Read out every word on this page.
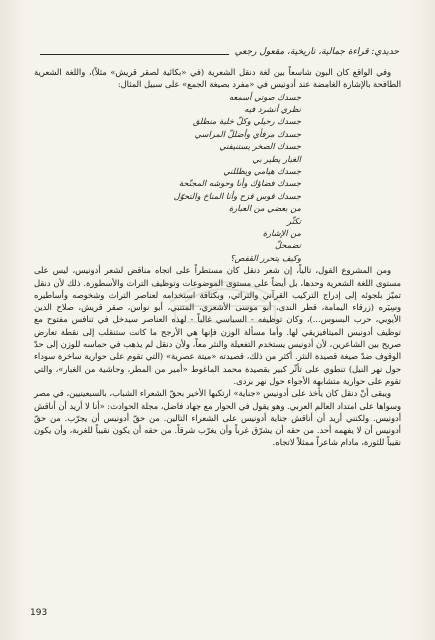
حديدي: قراءة جمالية، تاريخية، مقعول رجعي

وفي الواقع كان البون شاسعاً بين لغة دنقل الشعرية (في «بكائية لصقر قريش» مثلاً)، واللغة الشعرية الطافحة بالإشارة الغامضة عند أدونيس في «مفرد بصيغة الجمع» على سبيل المثال:

جسدك صوتي أسمعه
نظري أنشرد فيه
جسدك رحيلي وكلّ خلية منطلق
جسدك مرفأي وأضللّ المراسي
جسدك الصخر يستنيفني
الغبار يطير بي
جسدك هيامي ويظللني
جسدك فضاؤك وأنا وحوشه المجنّحة
جسدك قوس قزح وأنا المناخ والتحوّل
من بعضي من العبارة
تكثّر
من الإشارة
تضمحلّ
وكيف يتحرر القفص؟

ومن المشروع القول، تالياً، إن شعر دنقل كان مستطراً على اتجاه مناقض لشعر أدونيس، ليس على مستوى اللغة الشعرية وحدها، بل أيضاً على مستوى الموضوعات وتوظيف التراث والأسطورة. ذلك لأن دنقل تميّز بلجوئه إلى إدراج التركيب القرآني والتراثي، وبكثافة استخدامه لعناصر التراث وشخوصه وأساطيره وسِيَره (زرقاء اليمامة، قطر الندى، أبو موسى الأشعري، المتنبي، أبو نواس، صقر قريش، صلاح الدين الأيوبي، حرب البسوس...)، وكان توظيفه - السياسي غالباً - لهذه العناصر سيدخل في تنافس مفتوح مع توظيف أدونيس الميتافيزيقي لها. وأما مسألة الوزن فإنها هي الأرجح ما كانت ستنقلب إلى نقطة تعارض صريح بين الشاعرين، لأن أدونيس يستخدم التفعيلة والنثر معاً، ولأن دنقل لم يذهب في حماسه للوزن إلى حدّ الوقوف ضدّ صيغة قصيدة النثر. أكثر من ذلك، قصيدته «ميتة عصرية» (التي تقوم على حوارية ساخرة سوداء حول نهر النيل) تنطوي على تأثّر كبير بقصيدة محمد الماغوط «أمير من المطر، وحاشية من الغبار»، والتي تقوم على حوارية متشابهة الأجواء حول نهر بردى.

ويبقى أنّ دنقل كان يأخذ على أدونيس «جناية» ارتكبها الأخير بحقّ الشعراء الشباب، بالسبعينيين، في مصر وسواها على امتداد العالم العربي. وهو يقول في الحوار مع جهاد فاضل، مجلة الحوادث: «أنا لا أريد أن أناقش أدونيس. ولكنني أريد أن أناقش جناية أدونيس على الشعراء التالين. من حقّ أدونيس أن يجرّب. من حقّ أدونيس أن لا يفهمه أحد. من حقه أن يشرّق غرباً وأن يغرّب شرقاً. من حقه أن يكون نقيباً للغربة، وأن يكون نقيباً للثورة، مادام شاعراً ممثلاً لاتجاه.

193
